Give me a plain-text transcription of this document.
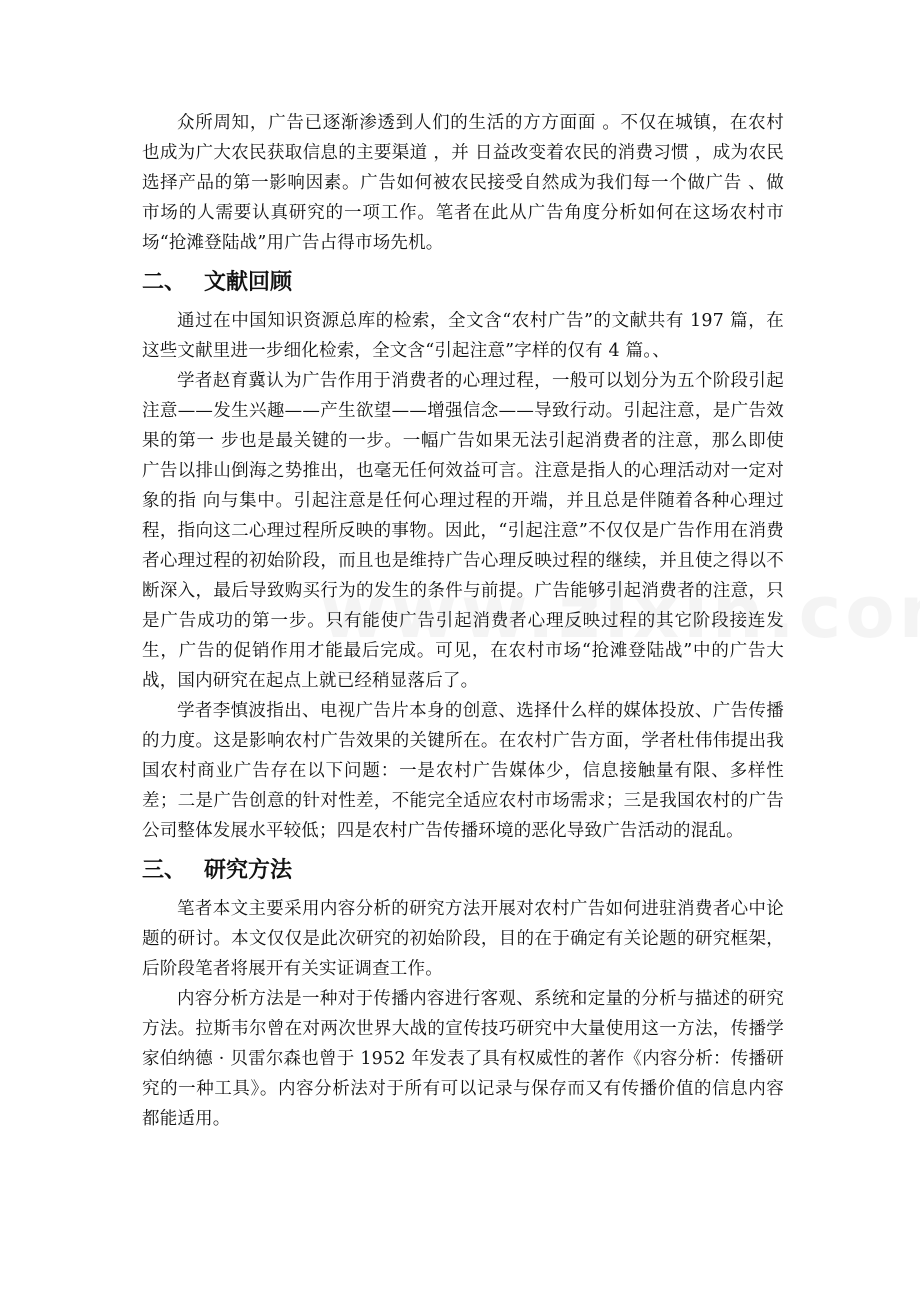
众所周知，广告已逐渐渗透到人们的生活的方方面面 。不仅在城镇，在农村也成为广大农民获取信息的主要渠道 ，并 日益改变着农民的消费习惯 ，成为农民选择产品的第一影响因素。广告如何被农民接受自然成为我们每一个做广告 、做市场的人需要认真研究的一项工作。笔者在此从广告角度分析如何在这场农村市场“抢滩登陆战”用广告占得市场先机。

二、 文献回顾

通过在中国知识资源总库的检索，全文含“农村广告”的文献共有 197 篇，在这些文献里进一步细化检索，全文含“引起注意”字样的仅有 4 篇。、

学者赵育冀认为广告作用于消费者的心理过程，一般可以划分为五个阶段引起注意——发生兴趣——产生欲望——增强信念——导致行动。引起注意，是广告效果的第一 步也是最关键的一步。一幅广告如果无法引起消费者的注意，那么即使广告以排山倒海之势推出，也毫无任何效益可言。注意是指人的心理活动对一定对象的指 向与集中。引起注意是任何心理过程的开端，并且总是伴随着各种心理过程，指向这二心理过程所反映的事物。因此，“引起注意”不仅仅是广告作用在消费者心理过程的初始阶段，而且也是维持广告心理反映过程的继续，并且使之得以不断深入，最后导致购买行为的发生的条件与前提。广告能够引起消费者的注意，只是广告成功的第一步。只有能使广告引起消费者心理反映过程的其它阶段接连发生，广告的促销作用才能最后完成。可见，在农村市场“抢滩登陆战”中的广告大战，国内研究在起点上就已经稍显落后了。

学者李慎波指出、电视广告片本身的创意、选择什么样的媒体投放、广告传播的力度。这是影响农村广告效果的关键所在。在农村广告方面，学者杜伟伟提出我国农村商业广告存在以下问题：一是农村广告媒体少，信息接触量有限、多样性差；二是广告创意的针对性差，不能完全适应农村市场需求；三是我国农村的广告公司整体发展水平较低；四是农村广告传播环境的恶化导致广告活动的混乱。

三、 研究方法

笔者本文主要采用内容分析的研究方法开展对农村广告如何进驻消费者心中论题的研讨。本文仅仅是此次研究的初始阶段，目的在于确定有关论题的研究框架，后阶段笔者将展开有关实证调查工作。

内容分析方法是一种对于传播内容进行客观、系统和定量的分析与描述的研究方法。拉斯韦尔曾在对两次世界大战的宣传技巧研究中大量使用这一方法，传播学家伯纳德 · 贝雷尔森也曾于 1952 年发表了具有权威性的著作《内容分析：传播研究的一种工具》。内容分析法对于所有可以记录与保存而又有传播价值的信息内容都能适用。
